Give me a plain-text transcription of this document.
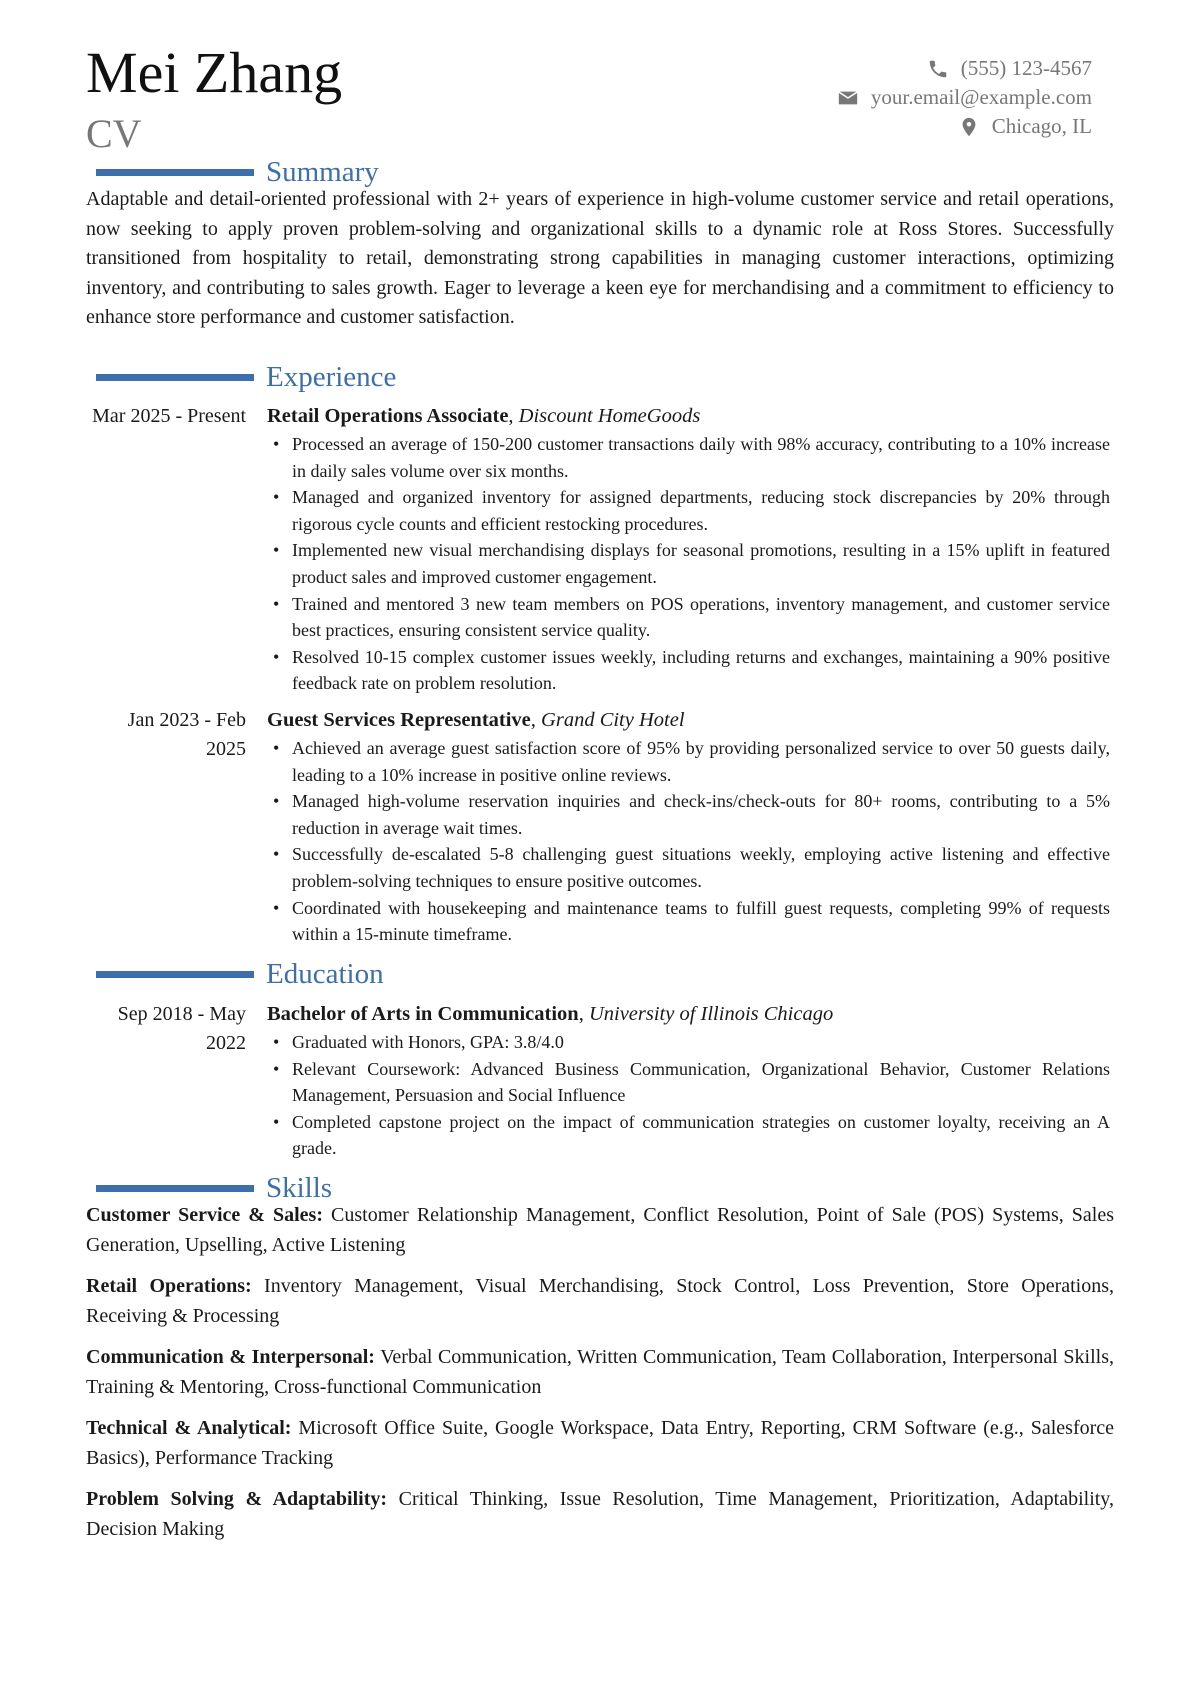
Mei Zhang
CV
(555) 123-4567
your.email@example.com
Chicago, IL
Summary
Adaptable and detail-oriented professional with 2+ years of experience in high-volume customer service and retail operations, now seeking to apply proven problem-solving and organizational skills to a dynamic role at Ross Stores. Successfully transitioned from hospitality to retail, demonstrating strong capabilities in managing customer interactions, optimizing inventory, and contributing to sales growth. Eager to leverage a keen eye for merchandising and a commitment to efficiency to enhance store performance and customer satisfaction.
Experience
Mar 2025 - Present Retail Operations Associate, Discount HomeGoods
• Processed an average of 150-200 customer transactions daily with 98% accuracy, contributing to a 10% increase in daily sales volume over six months.
• Managed and organized inventory for assigned departments, reducing stock discrepancies by 20% through rigorous cycle counts and efficient restocking procedures.
• Implemented new visual merchandising displays for seasonal promotions, resulting in a 15% uplift in featured product sales and improved customer engagement.
• Trained and mentored 3 new team members on POS operations, inventory management, and customer service best practices, ensuring consistent service quality.
• Resolved 10-15 complex customer issues weekly, including returns and exchanges, maintaining a 90% positive feedback rate on problem resolution.
Jan 2023 - Feb 2025
Guest Services Representative, Grand City Hotel
• Achieved an average guest satisfaction score of 95% by providing personalized service to over 50 guests daily, leading to a 10% increase in positive online reviews.
• Managed high-volume reservation inquiries and check-ins/check-outs for 80+ rooms, contributing to a 5% reduction in average wait times.
• Successfully de-escalated 5-8 challenging guest situations weekly, employing active listening and effective problem-solving techniques to ensure positive outcomes.
• Coordinated with housekeeping and maintenance teams to fulfill guest requests, completing 99% of requests within a 15-minute timeframe.
Education
Sep 2018 - May 2022
Bachelor of Arts in Communication, University of Illinois Chicago
• Graduated with Honors, GPA: 3.8/4.0
• Relevant Coursework: Advanced Business Communication, Organizational Behavior, Customer Relations Management, Persuasion and Social Influence
• Completed capstone project on the impact of communication strategies on customer loyalty, receiving an A grade.
Skills
Customer Service & Sales: Customer Relationship Management, Conflict Resolution, Point of Sale (POS) Systems, Sales Generation, Upselling, Active Listening
Retail Operations: Inventory Management, Visual Merchandising, Stock Control, Loss Prevention, Store Operations, Receiving & Processing
Communication & Interpersonal: Verbal Communication, Written Communication, Team Collaboration, Interpersonal Skills, Training & Mentoring, Cross-functional Communication
Technical & Analytical: Microsoft Office Suite, Google Workspace, Data Entry, Reporting, CRM Software (e.g., Salesforce Basics), Performance Tracking
Problem Solving & Adaptability: Critical Thinking, Issue Resolution, Time Management, Prioritization, Adaptability, Decision Making
